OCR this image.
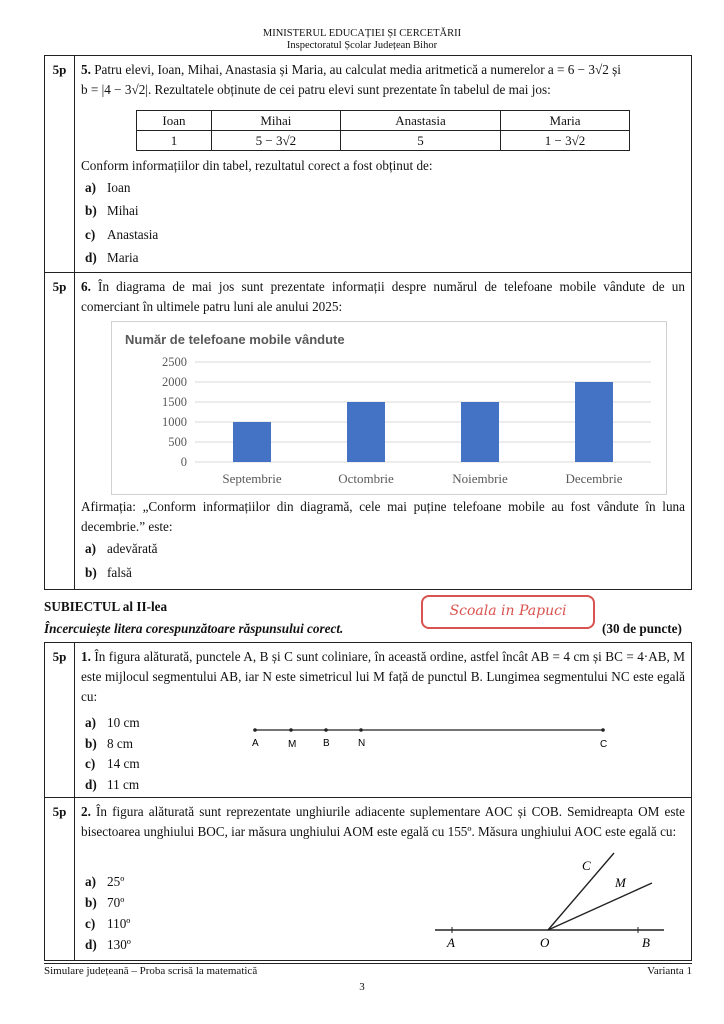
MINISTERUL EDUCAȚIEI ȘI CERCETĂRII
Inspectoratul Școlar Județean Bihor
5p	5. Patru elevi, Ioan, Mihai, Anastasia și Maria, au calculat media aritmetică a numerelor a = 6 − 3√2 și
b = |4 − 3√2|. Rezultatele obținute de cei patru elevi sunt prezentate în tabelul de mai jos:
Ioan	Mihai	Anastasia	Maria
1	5 − 3√2	5	1 − 3√2
Conform informațiilor din tabel, rezultatul corect a fost obținut de:
a) Ioan
b) Mihai
c) Anastasia
d) Maria
5p	6. În diagrama de mai jos sunt prezentate informații despre numărul de telefoane mobile vândute de un comerciant în ultimele patru luni ale anului 2025:
Număr de telefoane mobile vândute
0
500
1000
1500
2000
2500
Septembrie	Octombrie	Noiembrie	Decembrie
Afirmația: „Conform informațiilor din diagramă, cele mai puține telefoane mobile au fost vândute în luna decembrie.” este:
a) adevărată
b) falsă
SUBIECTUL al II-lea
Încercuiește litera corespunzătoare răspunsului corect.
Scoala in Papuci
(30 de puncte)
5p	1. În figura alăturată, punctele A, B și C sunt coliniare, în această ordine, astfel încât AB = 4 cm și BC = 4·AB, M este mijlocul segmentului AB, iar N este simetricul lui M față de punctul B. Lungimea segmentului NC este egală cu:
a) 10 cm
b) 8 cm
c) 14 cm
d) 11 cm
A	M	B	N	C
5p	2. În figura alăturată sunt reprezentate unghiurile adiacente suplementare AOC și COB. Semidreapta OM este bisectoarea unghiului BOC, iar măsura unghiului AOM este egală cu 155º. Măsura unghiului AOC este egală cu:
a) 25º
b) 70º
c) 110º
d) 130º
C
M
A	O	B
Simulare județeană – Proba scrisă la matematică	Varianta 1
3
